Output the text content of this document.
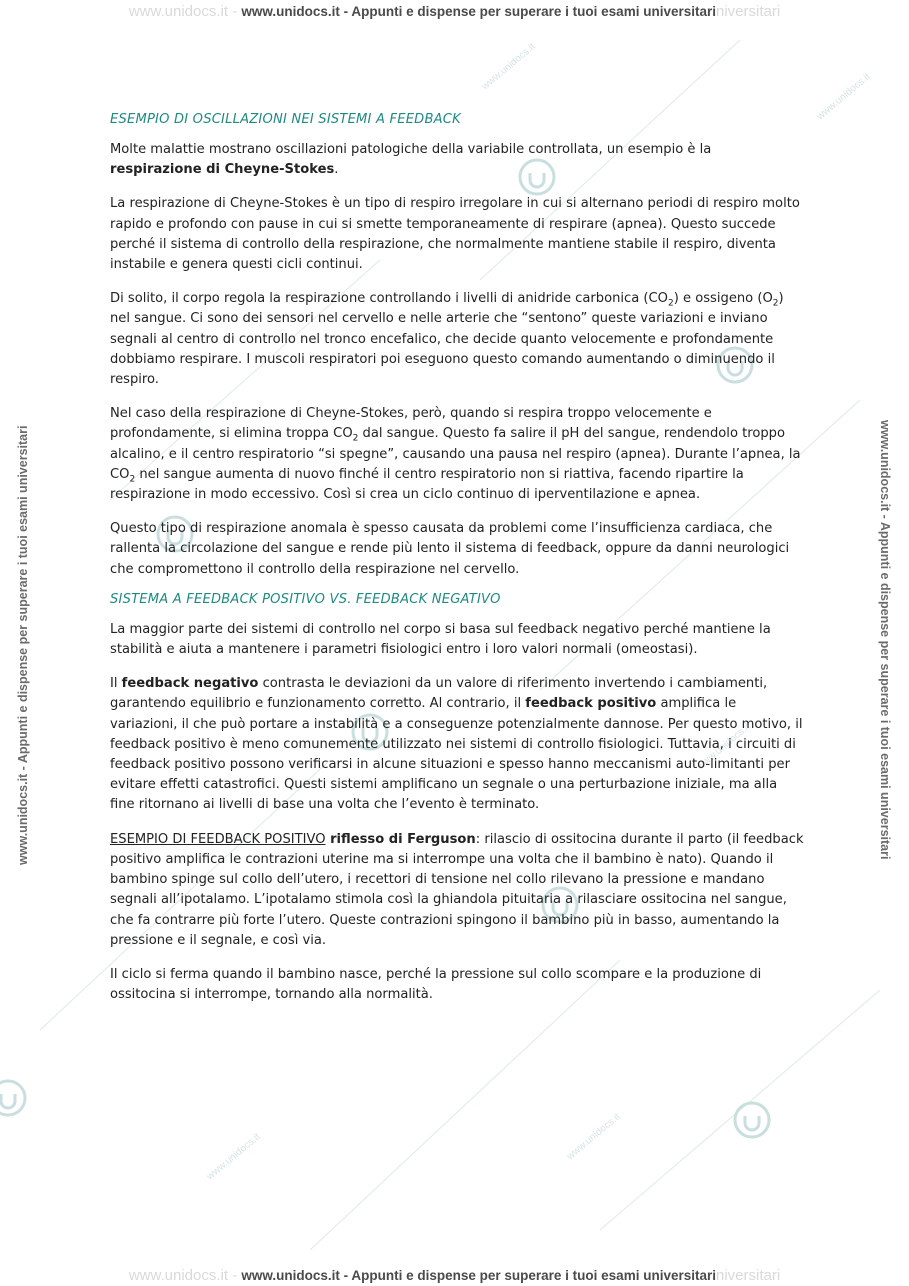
www.unidocs.it - www.unidocs.it - Appunti e dispense per superare i tuoi esami universitariniversitari
www.unidocs.it - Appunti e dispense per superare i tuoi esami universitari	www.unidocs.it - Appunti e dispense per superare i tuoi esami universitari
www.unidocs.it
www.unidocs.it
www.unidocs.it
www.unidocs.it
www.unidocs.it
ESEMPIO DI OSCILLAZIONI NEI SISTEMI A FEEDBACK

Molte malattie mostrano oscillazioni patologiche della variabile controllata, un esempio è la respirazione di Cheyne-Stokes.

La respirazione di Cheyne-Stokes è un tipo di respiro irregolare in cui si alternano periodi di respiro molto rapido e profondo con pause in cui si smette temporaneamente di respirare (apnea). Questo succede perché il sistema di controllo della respirazione, che normalmente mantiene stabile il respiro, diventa instabile e genera questi cicli continui.

Di solito, il corpo regola la respirazione controllando i livelli di anidride carbonica $(CO_2)$ e ossigeno $(O_2)$ nel sangue. Ci sono dei sensori nel cervello e nelle arterie che “sentono” queste variazioni e inviano segnali al centro di controllo nel tronco encefalico, che decide quanto velocemente e profondamente dobbiamo respirare. I muscoli respiratori poi eseguono questo comando aumentando o diminuendo il respiro.

Nel caso della respirazione di Cheyne-Stokes, però, quando si respira troppo velocemente e profondamente, si elimina troppa $CO_2$ dal sangue. Questo fa salire il pH del sangue, rendendolo troppo alcalino, e il centro respiratorio “si spegne”, causando una pausa nel respiro (apnea). Durante l’apnea, la $CO_2$ nel sangue aumenta di nuovo finché il centro respiratorio non si riattiva, facendo ripartire la respirazione in modo eccessivo. Così si crea un ciclo continuo di iperventilazione e apnea.

Questo tipo di respirazione anomala è spesso causata da problemi come l’insufficienza cardiaca, che rallenta la circolazione del sangue e rende più lento il sistema di feedback, oppure da danni neurologici che compromettono il controllo della respirazione nel cervello.

SISTEMA A FEEDBACK POSITIVO VS. FEEDBACK NEGATIVO

La maggior parte dei sistemi di controllo nel corpo si basa sul feedback negativo perché mantiene la stabilità e aiuta a mantenere i parametri fisiologici entro i loro valori normali (omeostasi).

Il feedback negativo contrasta le deviazioni da un valore di riferimento invertendo i cambiamenti, garantendo equilibrio e funzionamento corretto. Al contrario, il feedback positivo amplifica le variazioni, il che può portare a instabilità e a conseguenze potenzialmente dannose. Per questo motivo, il feedback positivo è meno comunemente utilizzato nei sistemi di controllo fisiologici. Tuttavia, i circuiti di feedback positivo possono verificarsi in alcune situazioni e spesso hanno meccanismi auto-limitanti per evitare effetti catastrofici. Questi sistemi amplificano un segnale o una perturbazione iniziale, ma alla fine ritornano ai livelli di base una volta che l’evento è terminato.

ESEMPIO DI FEEDBACK POSITIVO riflesso di Ferguson: rilascio di ossitocina durante il parto (il feedback positivo amplifica le contrazioni uterine ma si interrompe una volta che il bambino è nato). Quando il bambino spinge sul collo dell’utero, i recettori di tensione nel collo rilevano la pressione e mandano segnali all’ipotalamo. L’ipotalamo stimola così la ghiandola pituitaria a rilasciare ossitocina nel sangue, che fa contrarre più forte l’utero. Queste contrazioni spingono il bambino più in basso, aumentando la pressione e il segnale, e così via.

Il ciclo si ferma quando il bambino nasce, perché la pressione sul collo scompare e la produzione di ossitocina si interrompe, tornando alla normalità.

www.unidocs.it - www.unidocs.it - Appunti e dispense per superare i tuoi esami universitariniversitari
